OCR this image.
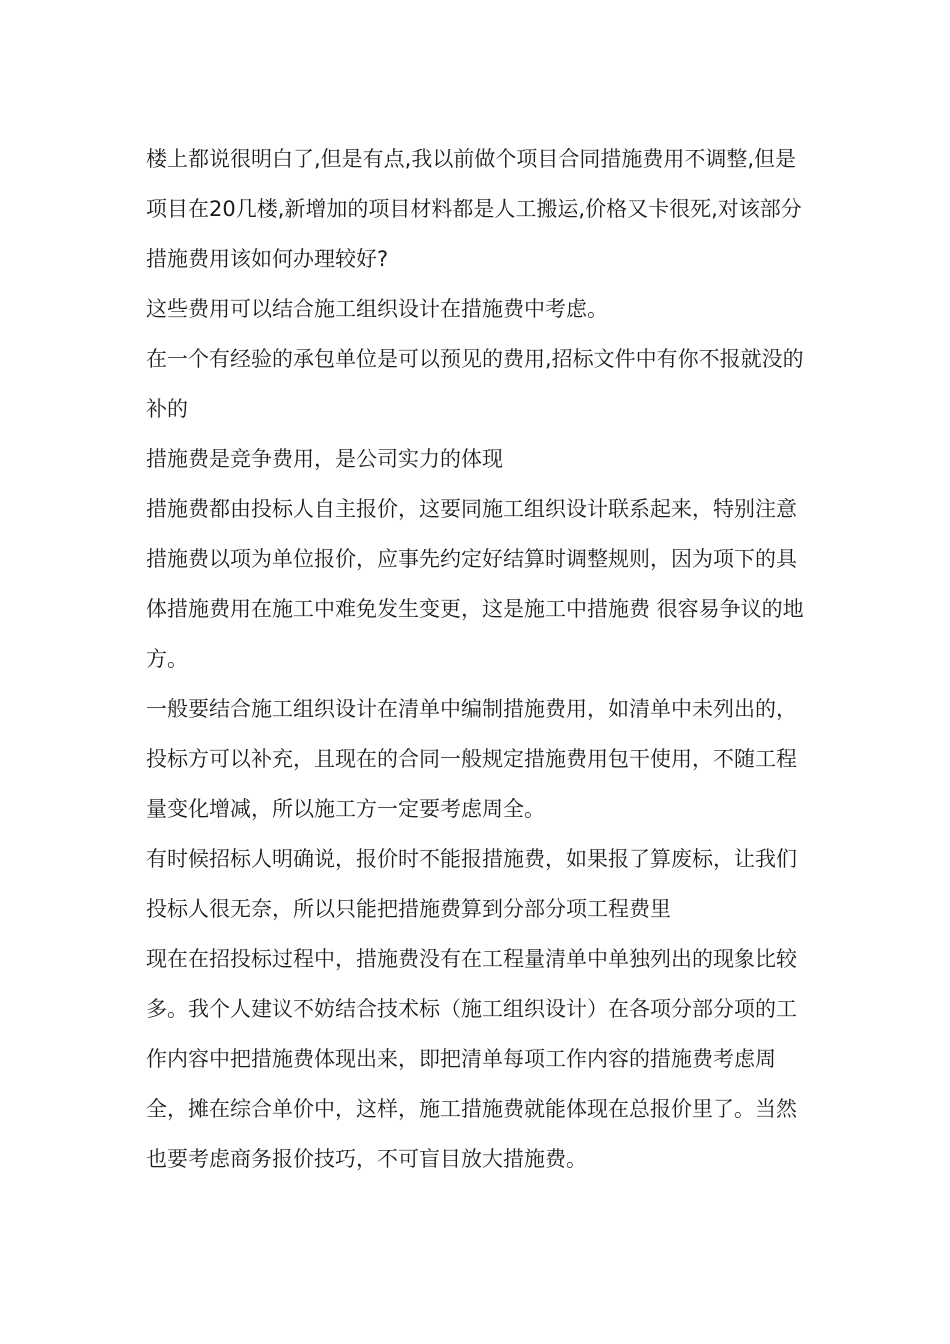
楼上都说很明白了,但是有点,我以前做个项目合同措施费用不调整,但是项目在20几楼,新增加的项目材料都是人工搬运,价格又卡很死,对该部分措施费用该如何办理较好?

这些费用可以结合施工组织设计在措施费中考虑。

在一个有经验的承包单位是可以预见的费用,招标文件中有你不报就没的补的

措施费是竞争费用，是公司实力的体现

措施费都由投标人自主报价，这要同施工组织设计联系起来，特别注意 措施费以项为单位报价，应事先约定好结算时调整规则，因为项下的具体措施费用在施工中难免发生变更，这是施工中措施费 很容易争议的地方。

一般要结合施工组织设计在清单中编制措施费用，如清单中未列出的，投标方可以补充，且现在的合同一般规定措施费用包干使用，不随工程量变化增减，所以施工方一定要考虑周全。

有时候招标人明确说，报价时不能报措施费，如果报了算废标，让我们投标人很无奈，所以只能把措施费算到分部分项工程费里

现在在招投标过程中，措施费没有在工程量清单中单独列出的现象比较多。我个人建议不妨结合技术标（施工组织设计）在各项分部分项的工作内容中把措施费体现出来，即把清单每项工作内容的措施费考虑周全，摊在综合单价中，这样，施工措施费就能体现在总报价里了。当然也要考虑商务报价技巧，不可盲目放大措施费。
